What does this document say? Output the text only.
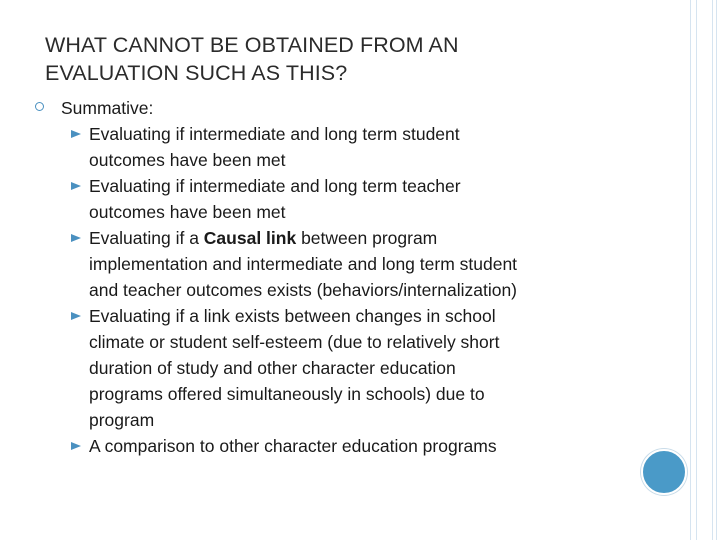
WHAT CANNOT BE OBTAINED FROM AN
EVALUATION SUCH AS THIS?
Summative:
Evaluating if intermediate and long term student
outcomes have been met
Evaluating if intermediate and long term teacher
outcomes have been met
Evaluating if a Causal link between program
implementation and intermediate and long term student
and teacher outcomes exists (behaviors/internalization)
Evaluating if a link exists between changes in school
climate or student self-esteem (due to relatively short
duration of study and other character education
programs offered simultaneously in schools) due to
program
A comparison to other character education programs
